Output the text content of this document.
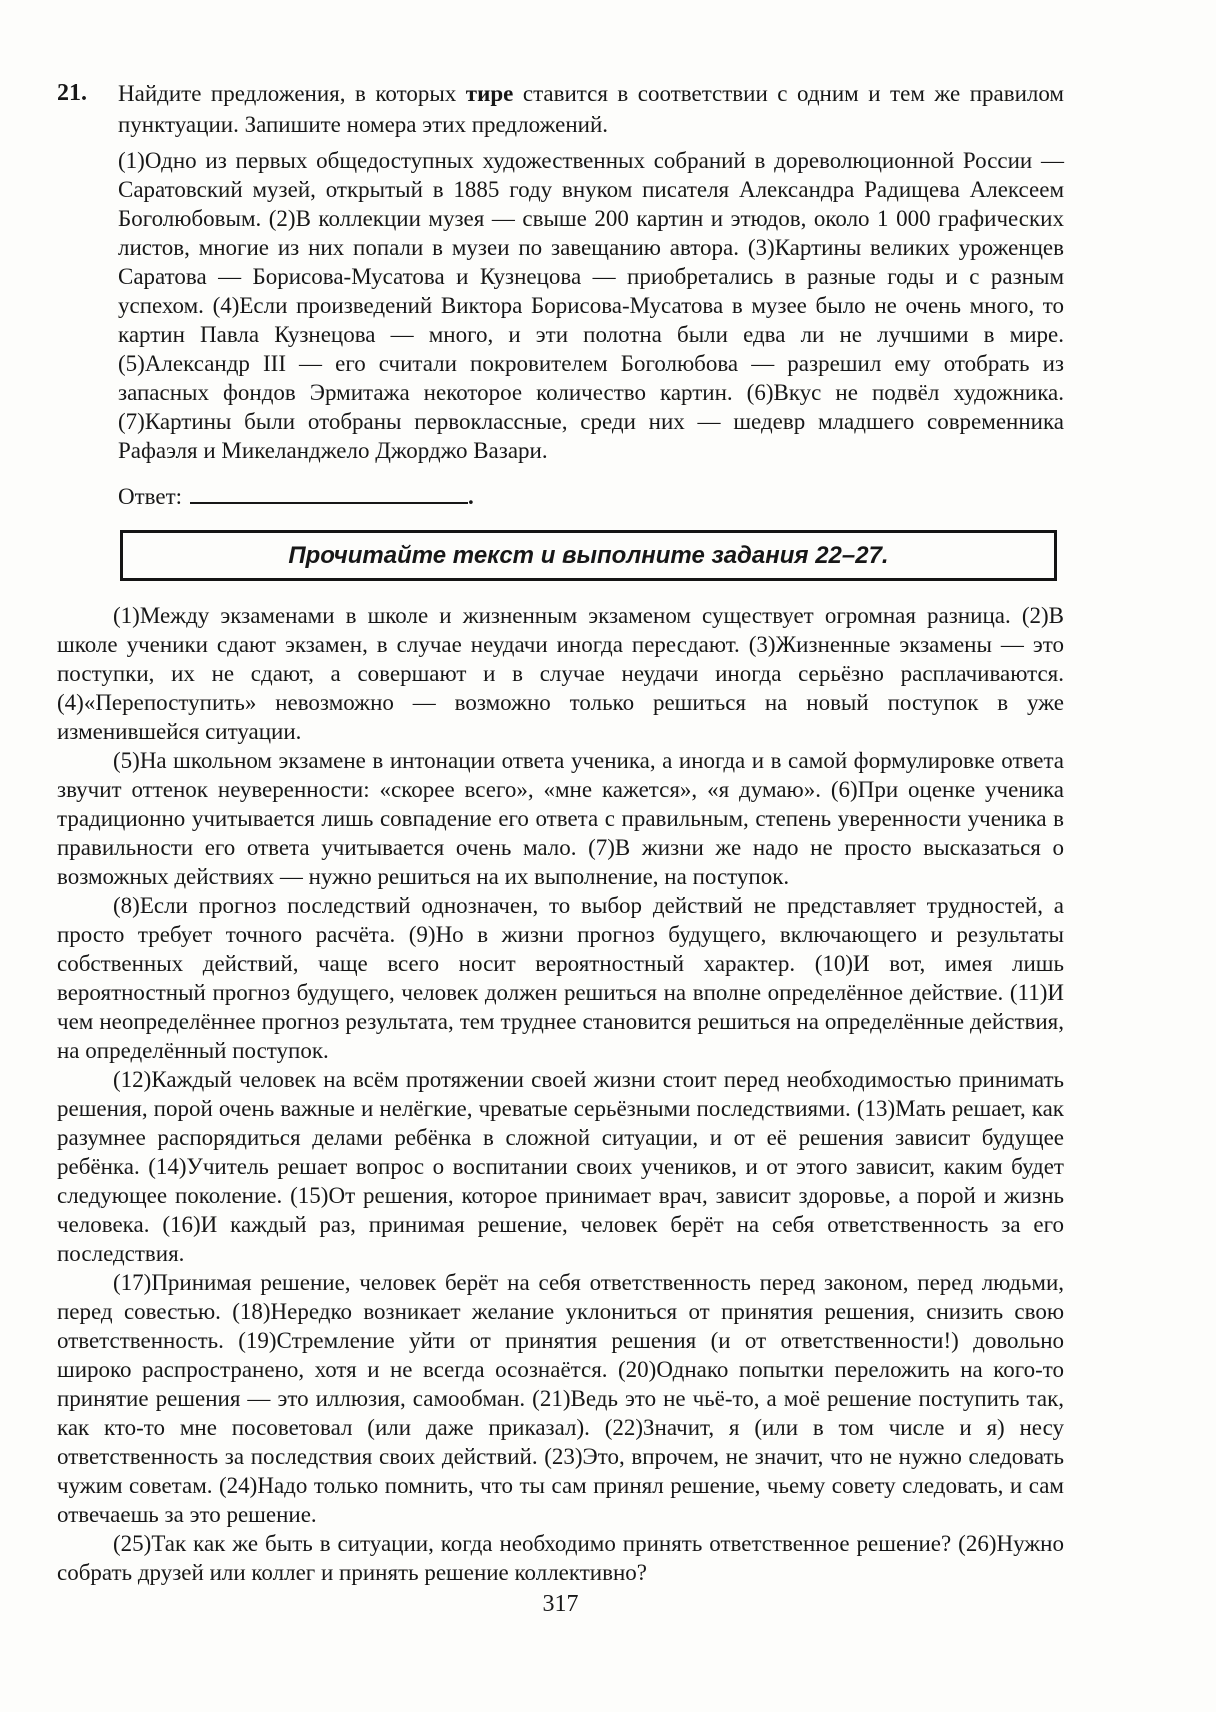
21.	Найдите предложения, в которых тире ставится в соответствии с одним и тем же правилом пунктуации. Запишите номера этих предложений.

(1)Одно из первых общедоступных художественных собраний в дореволюционной России — Саратовский музей, открытый в 1885 году внуком писателя Александра Радищева Алексеем Боголюбовым. (2)В коллекции музея — свыше 200 картин и этюдов, около 1 000 графических листов, многие из них попали в музеи по завещанию автора. (3)Картины великих уроженцев Саратова — Борисова-Мусатова и Кузнецова — приобретались в разные годы и с разным успехом. (4)Если произведений Виктора Борисова-Мусатова в музее было не очень много, то картин Павла Кузнецова — много, и эти полотна были едва ли не лучшими в мире. (5)Александр III — его считали покровителем Боголюбова — разрешил ему отобрать из запасных фондов Эрмитажа некоторое количество картин. (6)Вкус не подвёл художника. (7)Картины были отобраны первоклассные, среди них — шедевр младшего современника Рафаэля и Микеланджело Джорджо Вазари.

Ответ:	.
Прочитайте текст и выполните задания 22–27.

(1)Между экзаменами в школе и жизненным экзаменом существует огромная разница. (2)В школе ученики сдают экзамен, в случае неудачи иногда пересдают. (3)Жизненные экзамены — это поступки, их не сдают, а совершают и в случае неудачи иногда серьёзно расплачиваются. (4)«Перепоступить» невозможно — возможно только решиться на новый поступок в уже изменившейся ситуации.

(5)На школьном экзамене в интонации ответа ученика, а иногда и в самой формулировке ответа звучит оттенок неуверенности: «скорее всего», «мне кажется», «я думаю». (6)При оценке ученика традиционно учитывается лишь совпадение его ответа с правильным, степень уверенности ученика в правильности его ответа учитывается очень мало. (7)В жизни же надо не просто высказаться о возможных действиях — нужно решиться на их выполнение, на поступок.

(8)Если прогноз последствий однозначен, то выбор действий не представляет трудностей, а просто требует точного расчёта. (9)Но в жизни прогноз будущего, включающего и результаты собственных действий, чаще всего носит вероятностный характер. (10)И вот, имея лишь вероятностный прогноз будущего, человек должен решиться на вполне определённое действие. (11)И чем неопределённее прогноз результата, тем труднее становится решиться на определённые действия, на определённый поступок.

(12)Каждый человек на всём протяжении своей жизни стоит перед необходимостью принимать решения, порой очень важные и нелёгкие, чреватые серьёзными последствиями. (13)Мать решает, как разумнее распорядиться делами ребёнка в сложной ситуации, и от её решения зависит будущее ребёнка. (14)Учитель решает вопрос о воспитании своих учеников, и от этого зависит, каким будет следующее поколение. (15)От решения, которое принимает врач, зависит здоровье, а порой и жизнь человека. (16)И каждый раз, принимая решение, человек берёт на себя ответственность за его последствия.

(17)Принимая решение, человек берёт на себя ответственность перед законом, перед людьми, перед совестью. (18)Нередко возникает желание уклониться от принятия решения, снизить свою ответственность. (19)Стремление уйти от принятия решения (и от ответственности!) довольно широко распространено, хотя и не всегда осознаётся. (20)Однако попытки переложить на кого-то принятие решения — это иллюзия, самообман. (21)Ведь это не чьё-то, а моё решение поступить так, как кто-то мне посоветовал (или даже приказал). (22)Значит, я (или в том числе и я) несу ответственность за последствия своих действий. (23)Это, впрочем, не значит, что не нужно следовать чужим советам. (24)Надо только помнить, что ты сам принял решение, чьему совету следовать, и сам отвечаешь за это решение.

(25)Так как же быть в ситуации, когда необходимо принять ответственное решение? (26)Нужно собрать друзей или коллег и принять решение коллективно?

317
